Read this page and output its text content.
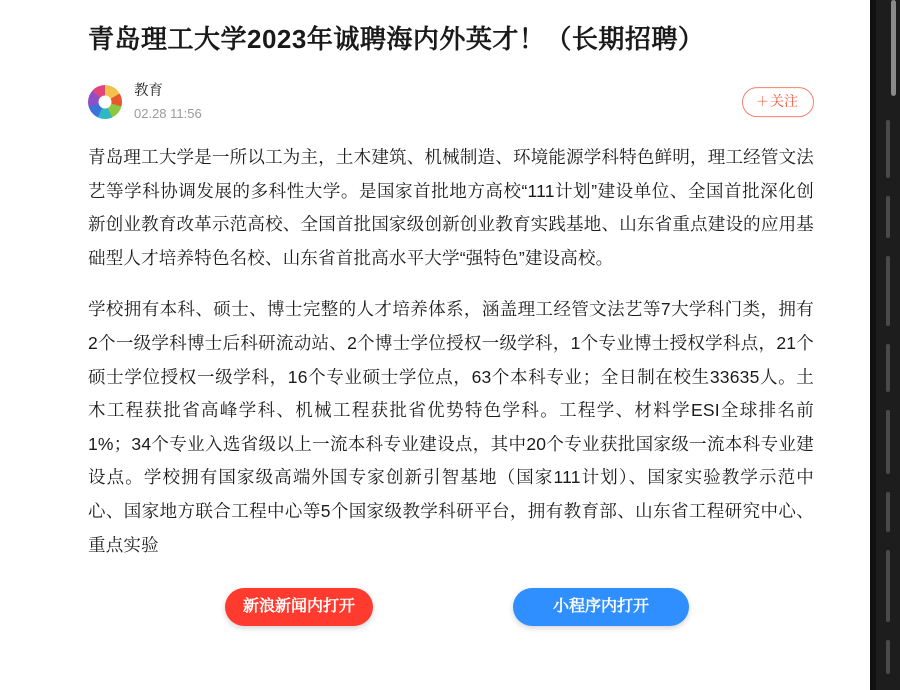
青岛理工大学2023年诚聘海内外英才！（长期招聘）
教育
02.28 11:56
＋关注

青岛理工大学是一所以工为主，土木建筑、机械制造、环境能源学科特色鲜明，理工经管文法艺等学科协调发展的多科性大学。是国家首批地方高校“111计划”建设单位、全国首批深化创新创业教育改革示范高校、全国首批国家级创新创业教育实践基地、山东省重点建设的应用基础型人才培养特色名校、山东省首批高水平大学“强特色”建设高校。

学校拥有本科、硕士、博士完整的人才培养体系，涵盖理工经管文法艺等7大学科门类，拥有2个一级学科博士后科研流动站、2个博士学位授权一级学科，1个专业博士授权学科点，21个硕士学位授权一级学科，16个专业硕士学位点，63个本科专业；全日制在校生33635人。土木工程获批省高峰学科、机械工程获批省优势特色学科。工程学、材料学ESI全球排名前1%；34个专业入选省级以上一流本科专业建设点，其中20个专业获批国家级一流本科专业建设点。学校拥有国家级高端外国专家创新引智基地（国家111计划）、国家实验教学示范中心、国家地方联合工程中心等5个国家级教学科研平台，拥有教育部、山东省工程研究中心、重点实验

新浪新闻内打开	小程序内打开
